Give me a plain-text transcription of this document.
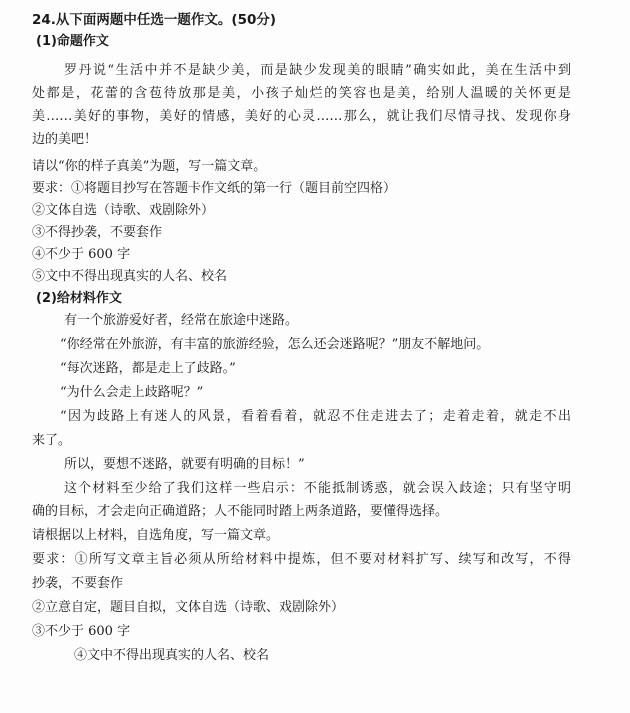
24.从下面两题中任选一题作文。(50分)
(1)命题作文
罗丹说“生活中并不是缺少美，而是缺少发现美的眼睛”确实如此，美在生活中到
处都是，花蕾的含苞待放那是美，小孩子灿烂的笑容也是美，给别人温暖的关怀更是
美……美好的事物，美好的情感，美好的心灵……那么，就让我们尽情寻找、发现你身
边的美吧！
请以“你的样子真美”为题，写一篇文章。
要求：①将题目抄写在答题卡作文纸的第一行（题目前空四格）
②文体自选（诗歌、戏剧除外）
③不得抄袭，不要套作
④不少于 600 字
⑤文中不得出现真实的人名、校名
(2)给材料作文
有一个旅游爱好者，经常在旅途中迷路。
“你经常在外旅游，有丰富的旅游经验，怎么还会迷路呢？”朋友不解地问。
“每次迷路，都是走上了歧路。”
“为什么会走上歧路呢？”
“因为歧路上有迷人的风景，看着看着，就忍不住走进去了；走着走着，就走不出
来了。
所以，要想不迷路，就要有明确的目标！”
这个材料至少给了我们这样一些启示：不能抵制诱惑，就会误入歧途；只有坚守明
确的目标，才会走向正确道路；人不能同时踏上两条道路，要懂得选择。
请根据以上材料，自选角度，写一篇文章。
要求：①所写文章主旨必须从所给材料中提炼，但不要对材料扩写、续写和改写，不得
抄袭，不要套作
②立意自定，题目自拟，文体自选（诗歌、戏剧除外）
③不少于 600 字
④文中不得出现真实的人名、校名
